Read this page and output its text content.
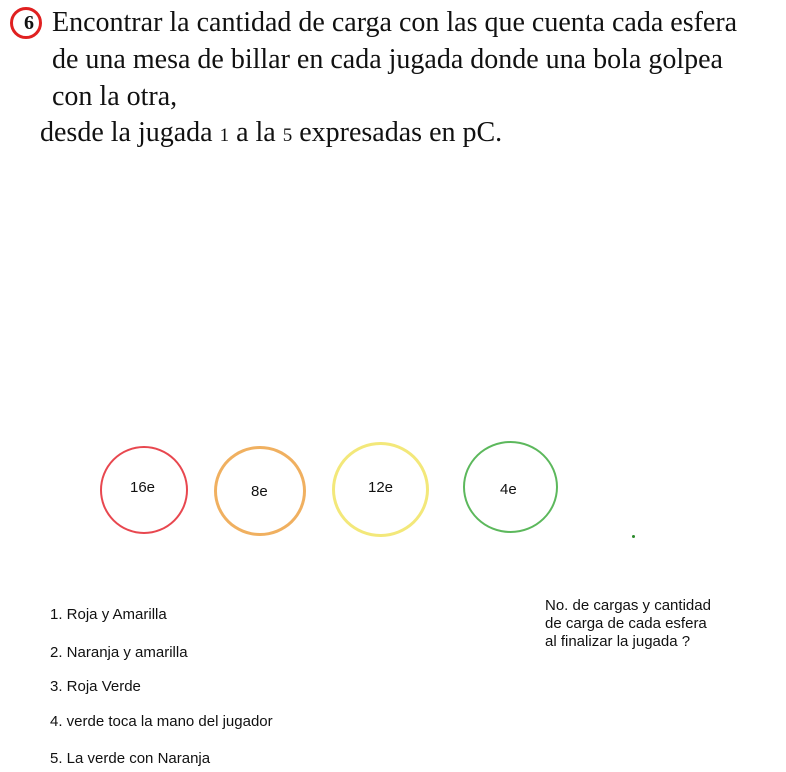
6 Encontrar la cantidad de carga con las que cuenta cada esfera de una mesa de billar en cada jugada donde una bola golpea con la otra,

desde la jugada 1 a la 5 expresadas en pC.

16e	8e	12e	4e
1. Roja y Amarilla
2. Naranja y amarilla
3. Roja Verde
4. verde toca la mano del jugador
5. La verde con Naranja
No. de cargas y cantidad de carga de cada esfera al finalizar la jugada ?
